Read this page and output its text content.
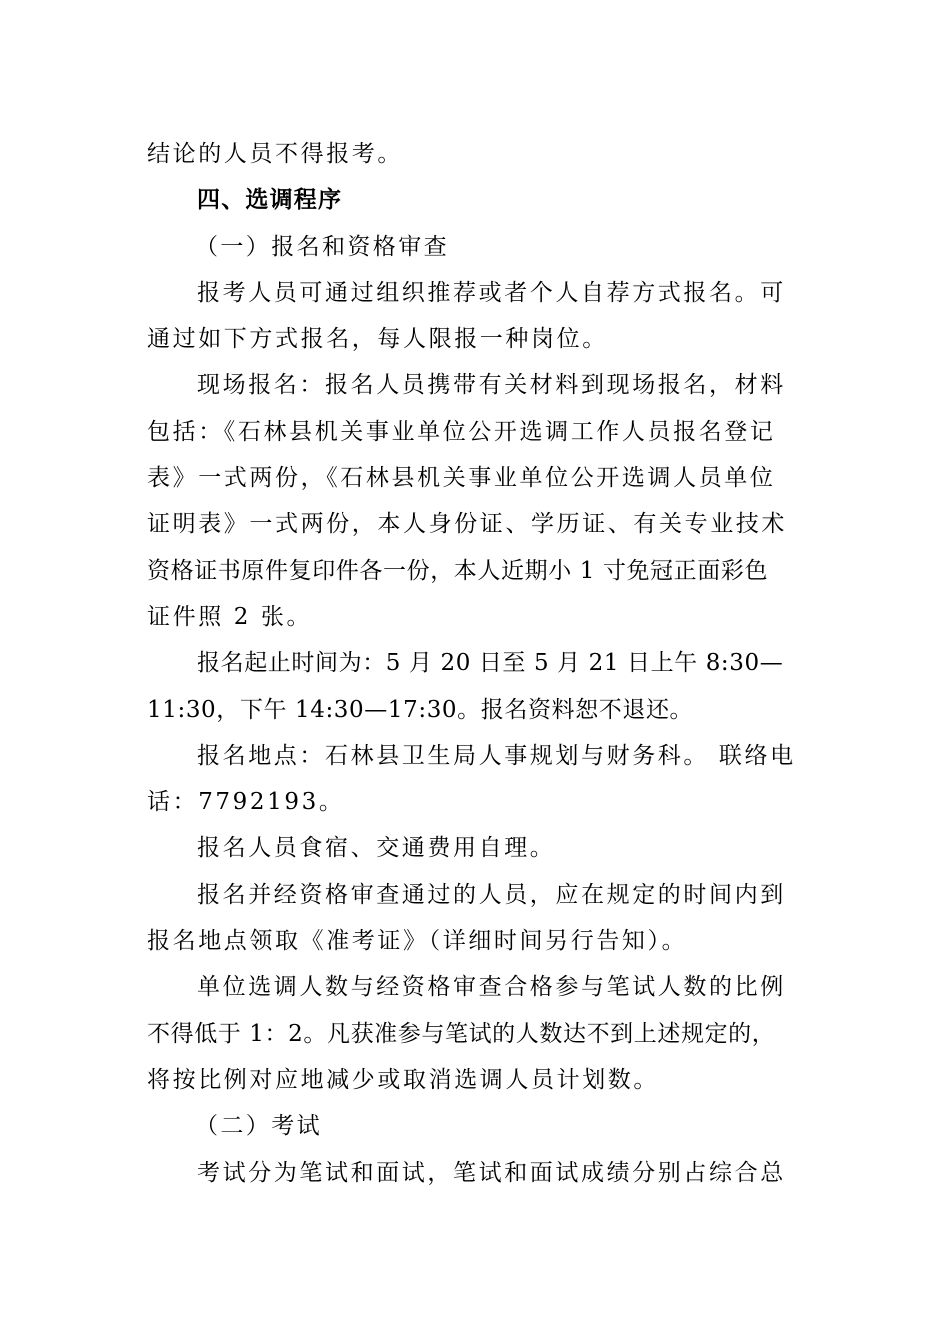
结论的人员不得报考。
四、选调程序
（一）报名和资格审查
报考人员可通过组织推荐或者个人自荐方式报名。可
通过如下方式报名，每人限报一种岗位。
现场报名：报名人员携带有关材料到现场报名，材料
包括：《石林县机关事业单位公开选调工作人员报名登记
表》一式两份，《石林县机关事业单位公开选调人员单位
证明表》一式两份，本人身份证、学历证、有关专业技术
资格证书原件复印件各一份，本人近期小 1 寸免冠正面彩色
证件照 2 张。
报名起止时间为：5 月 20 日至 5 月 21 日上午 8:30—
11:30，下午 14:30—17:30。报名资料恕不退还。
报名地点：石林县卫生局人事规划与财务科。 联络电
话：7792193。
报名人员食宿、交通费用自理。
报名并经资格审查通过的人员，应在规定的时间内到
报名地点领取《准考证》（详细时间另行告知）。
单位选调人数与经资格审查合格参与笔试人数的比例
不得低于 1：2。凡获准参与笔试的人数达不到上述规定的，
将按比例对应地减少或取消选调人员计划数。
（二）考试
考试分为笔试和面试，笔试和面试成绩分别占综合总
